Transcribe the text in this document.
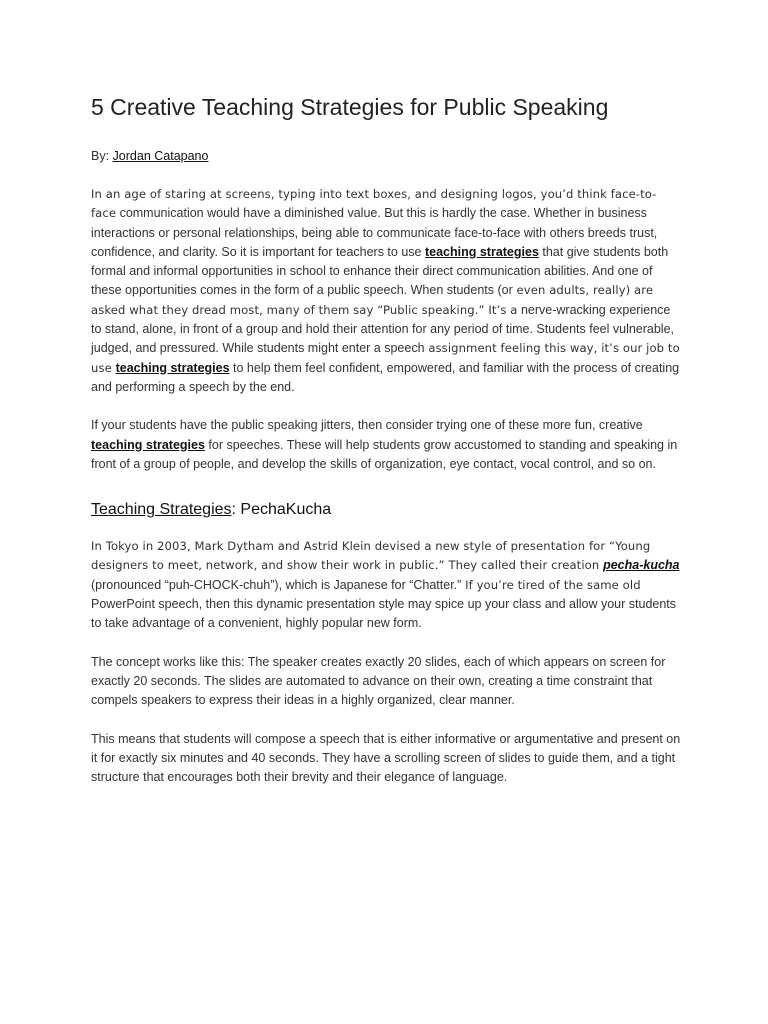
5 Creative Teaching Strategies for Public Speaking
By: Jordan Catapano

In an age of staring at screens, typing into text boxes, and designing logos, you’d think face-to-face communication would have a diminished value. But this is hardly the case. Whether in business interactions or personal relationships, being able to communicate face-to-face with others breeds trust, confidence, and clarity. So it is important for teachers to use teaching strategies that give students both formal and informal opportunities in school to enhance their direct communication abilities. And one of these opportunities comes in the form of a public speech. When students (or even adults, really) are asked what they dread most, many of them say “Public speaking.” It’s a nerve-wracking experience to stand, alone, in front of a group and hold their attention for any period of time. Students feel vulnerable, judged, and pressured. While students might enter a speech assignment feeling this way, it’s our job to use teaching strategies to help them feel confident, empowered, and familiar with the process of creating and performing a speech by the end.

If your students have the public speaking jitters, then consider trying one of these more fun, creative teaching strategies for speeches. These will help students grow accustomed to standing and speaking in front of a group of people, and develop the skills of organization, eye contact, vocal control, and so on.

Teaching Strategies: PechaKucha

In Tokyo in 2003, Mark Dytham and Astrid Klein devised a new style of presentation for “Young designers to meet, network, and show their work in public.” They called their creation pecha-kucha (pronounced “puh-CHOCK-chuh”), which is Japanese for “Chatter.” If you’re tired of the same old PowerPoint speech, then this dynamic presentation style may spice up your class and allow your students to take advantage of a convenient, highly popular new form.

The concept works like this: The speaker creates exactly 20 slides, each of which appears on screen for exactly 20 seconds. The slides are automated to advance on their own, creating a time constraint that compels speakers to express their ideas in a highly organized, clear manner.

This means that students will compose a speech that is either informative or argumentative and present on it for exactly six minutes and 40 seconds. They have a scrolling screen of slides to guide them, and a tight structure that encourages both their brevity and their elegance of language.
